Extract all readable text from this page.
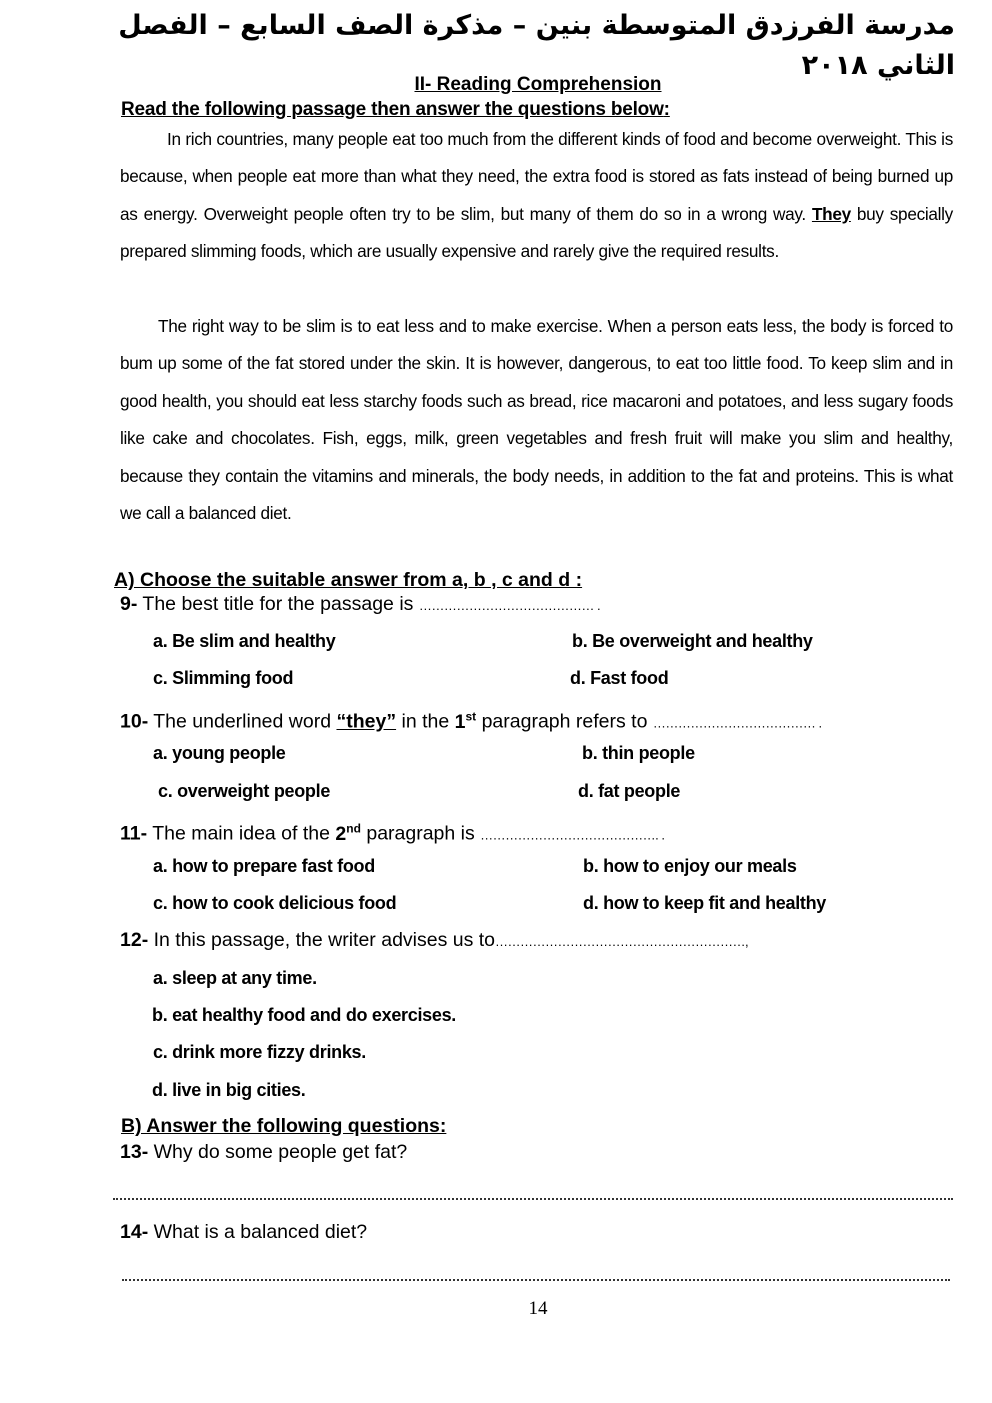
مدرسة الفرزدق المتوسطة بنين – مذكرة الصف السابع – الفصل الثاني ٢٠١٨
II- Reading Comprehension
Read the following passage then answer the questions below:

In rich countries, many people eat too much from the different kinds of food and become overweight. This is because, when people eat more than what they need, the extra food is stored as fats instead of being burned up as energy. Overweight people often try to be slim, but many of them do so in a wrong way. They buy specially prepared slimming foods, which are usually expensive and rarely give the required results.

The right way to be slim is to eat less and to make exercise. When a person eats less, the body is forced to bum up some of the fat stored under the skin. It is however, dangerous, to eat too little food. To keep slim and in good health, you should eat less starchy foods such as bread, rice macaroni and potatoes, and less sugary foods like cake and chocolates. Fish, eggs, milk, green vegetables and fresh fruit will make you slim and healthy, because they contain the vitamins and minerals, the body needs, in addition to the fat and proteins. This is what we call a balanced diet.

A) Choose the suitable answer from a, b , c and d :
9- The best title for the passage is …………………………………… .
a. Be slim and healthy	b. Be overweight and healthy
c. Slimming food	d. Fast food
10- The underlined word “they” in the 1st paragraph refers to ………………………………… .
a. young people	b. thin people
c. overweight people	d. fat people
11- The main idea of the 2nd paragraph is ……………………………………. .
a. how to prepare fast food	b. how to enjoy our meals
c. how to cook delicious food	d. how to keep fit and healthy
12- In this passage, the writer advises us to……………………………………………………,
a. sleep at any time.
b. eat healthy food and do exercises.
c. drink more fizzy drinks.
d. live in big cities.
B) Answer the following questions:
13- Why do some people get fat?
14- What is a balanced diet?
14
